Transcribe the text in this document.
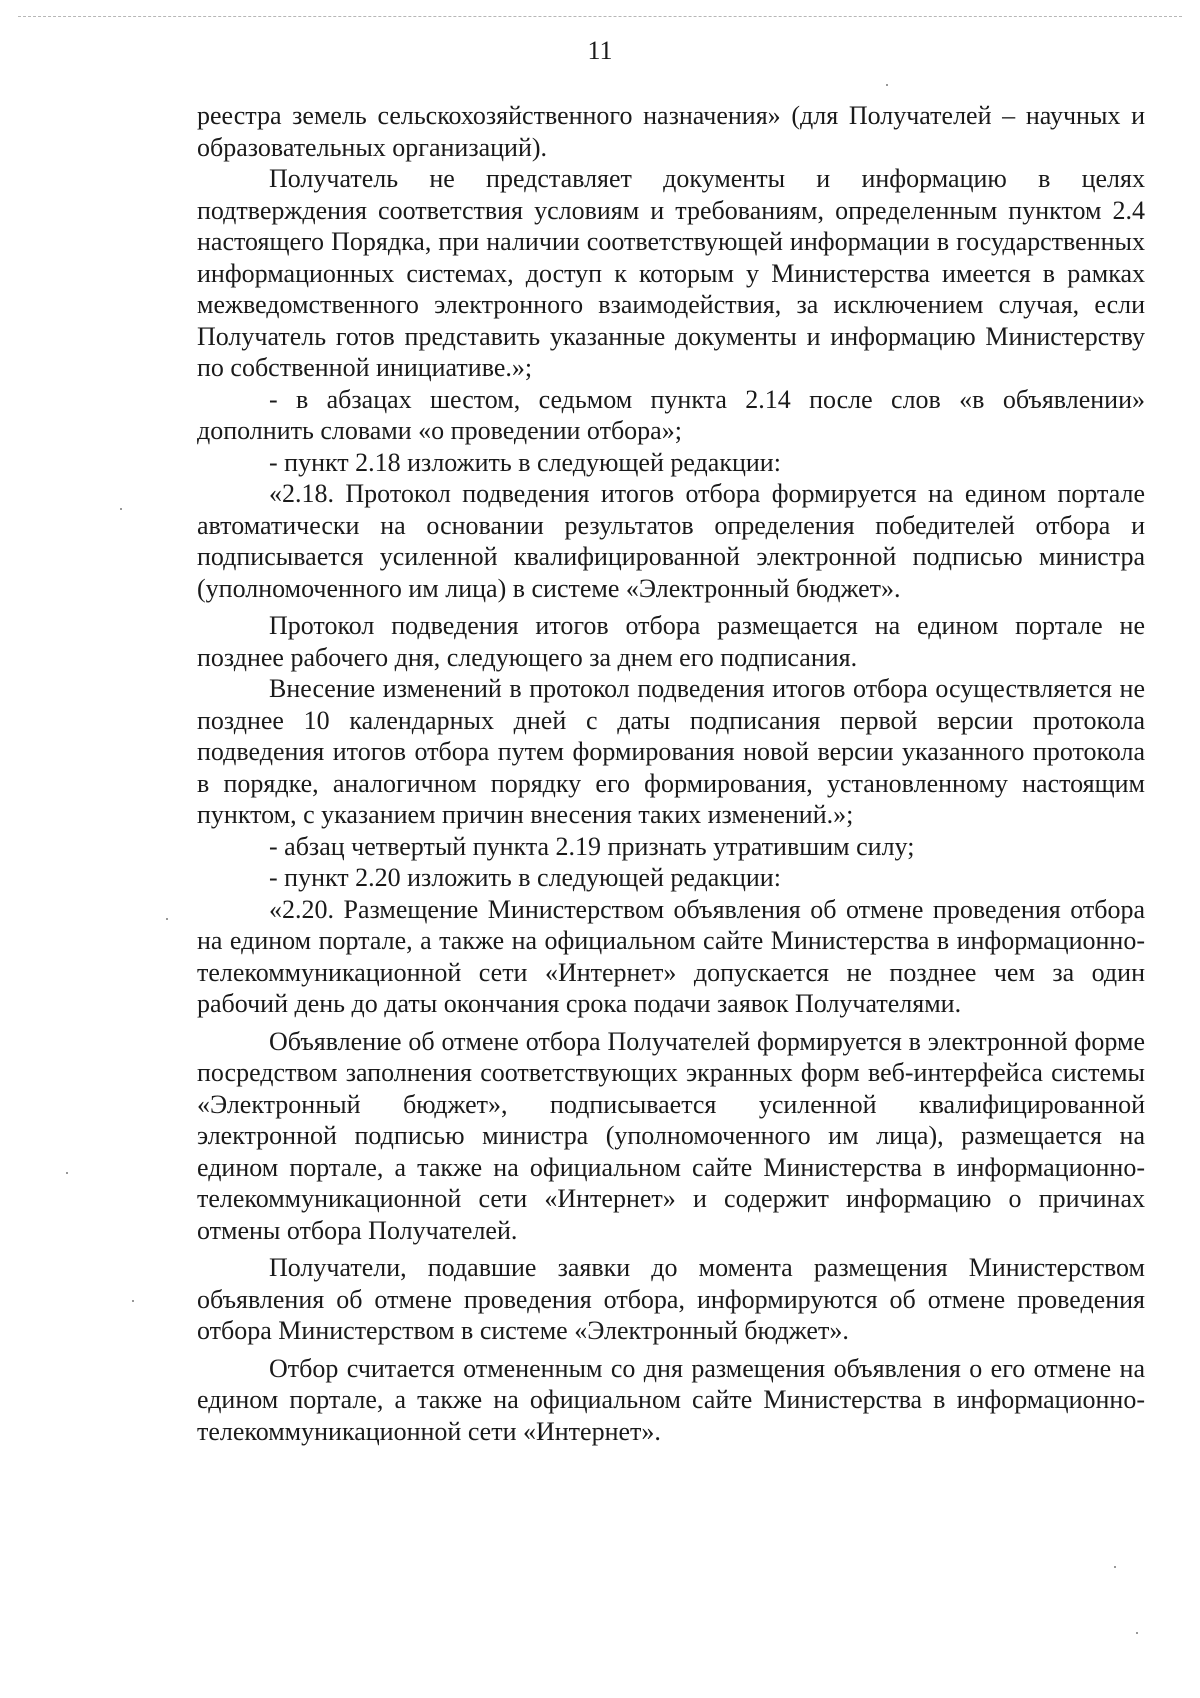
11

реестра земель сельскохозяйственного назначения» (для Получателей – научных и образовательных организаций).

Получатель не представляет документы и информацию в целях подтверждения соответствия условиям и требованиям, определенным пунктом 2.4 настоящего Порядка, при наличии соответствующей информации в государственных информационных системах, доступ к которым у Министерства имеется в рамках межведомственного электронного взаимодействия, за исключением случая, если Получатель готов представить указанные документы и информацию Министерству по собственной инициативе.»;

- в абзацах шестом, седьмом пункта 2.14 после слов «в объявлении» дополнить словами «о проведении отбора»;

- пункт 2.18 изложить в следующей редакции:

«2.18. Протокол подведения итогов отбора формируется на едином портале автоматически на основании результатов определения победителей отбора и подписывается усиленной квалифицированной электронной подписью министра (уполномоченного им лица) в системе «Электронный бюджет».

Протокол подведения итогов отбора размещается на едином портале не позднее рабочего дня, следующего за днем его подписания.

Внесение изменений в протокол подведения итогов отбора осуществляется не позднее 10 календарных дней с даты подписания первой версии протокола подведения итогов отбора путем формирования новой версии указанного протокола в порядке, аналогичном порядку его формирования, установленному настоящим пунктом, с указанием причин внесения таких изменений.»;

- абзац четвертый пункта 2.19 признать утратившим силу;

- пункт 2.20 изложить в следующей редакции:

«2.20. Размещение Министерством объявления об отмене проведения отбора на едином портале, а также на официальном сайте Министерства в информационно-телекоммуникационной сети «Интернет» допускается не позднее чем за один рабочий день до даты окончания срока подачи заявок Получателями.

Объявление об отмене отбора Получателей формируется в электронной форме посредством заполнения соответствующих экранных форм веб-интерфейса системы «Электронный бюджет», подписывается усиленной квалифицированной электронной подписью министра (уполномоченного им лица), размещается на едином портале, а также на официальном сайте Министерства в информационно-телекоммуникационной сети «Интернет» и содержит информацию о причинах отмены отбора Получателей.

Получатели, подавшие заявки до момента размещения Министерством объявления об отмене проведения отбора, информируются об отмене проведения отбора Министерством в системе «Электронный бюджет».

Отбор считается отмененным со дня размещения объявления о его отмене на едином портале, а также на официальном сайте Министерства в информационно-телекоммуникационной сети «Интернет».
